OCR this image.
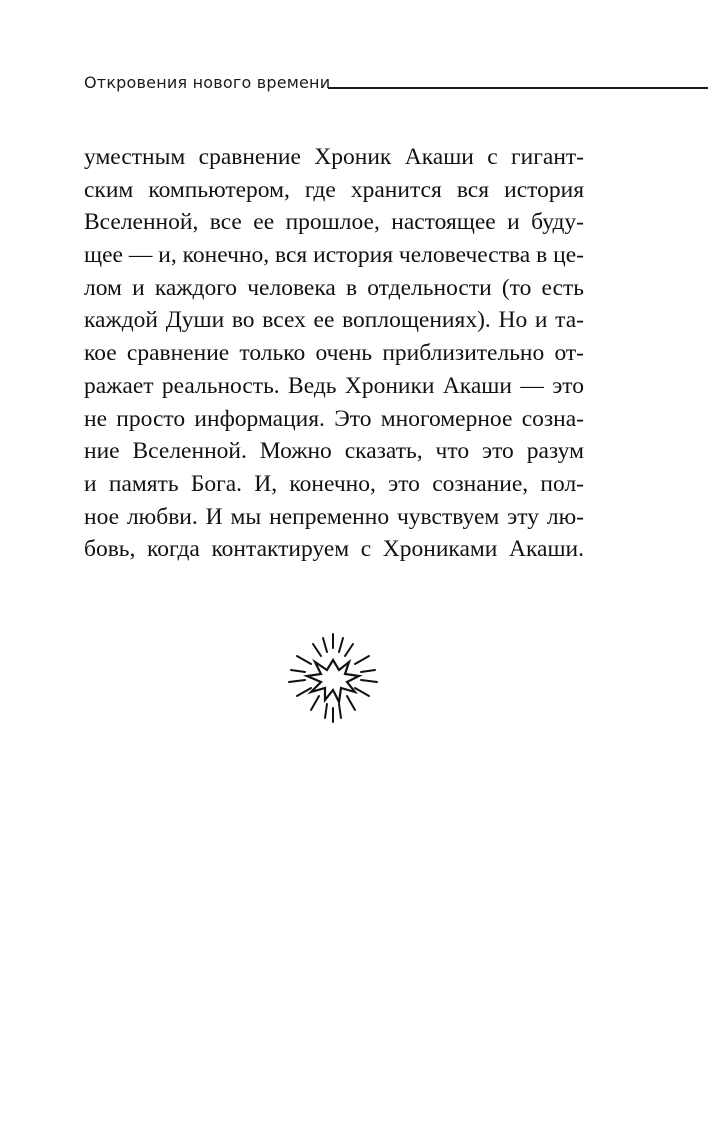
Откровения нового времени
уместным сравнение Хроник Акаши с гигант-
ским компьютером, где хранится вся история
Вселенной, все ее прошлое, настоящее и буду-
щее — и, конечно, вся история человечества в це-
лом и каждого человека в отдельности (то есть
каждой Души во всех ее воплощениях). Но и та-
кое сравнение только очень приблизительно от-
ражает реальность. Ведь Хроники Акаши — это
не просто информация. Это многомерное созна-
ние Вселенной. Можно сказать, что это разум
и память Бога. И, конечно, это сознание, пол-
ное любви. И мы непременно чувствуем эту лю-
бовь, когда контактируем с Хрониками Акаши.
